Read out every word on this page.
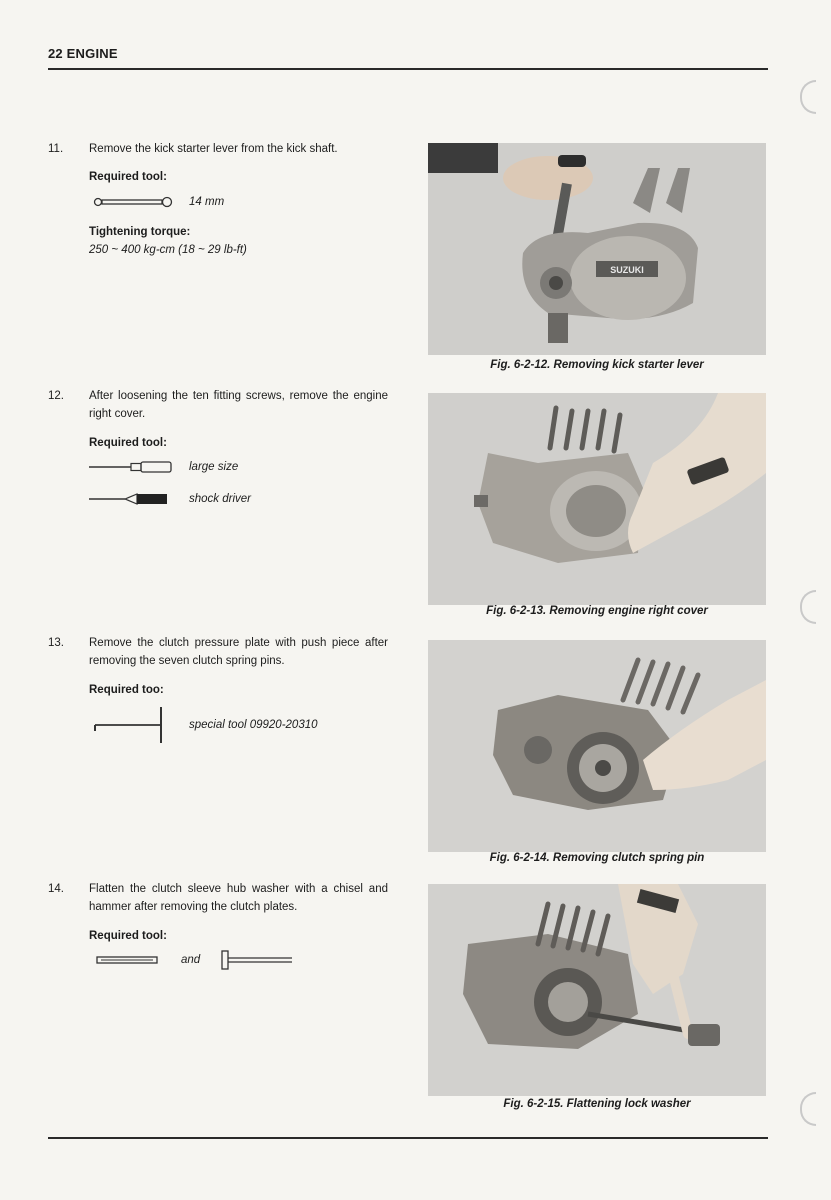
22 ENGINE
11. Remove the kick starter lever from the kick shaft.
Required tool:
14 mm
Tightening torque:
250 ~ 400 kg-cm (18 ~ 29 lb-ft)
SUZUKI
Fig. 6-2-12. Removing kick starter lever
12. After loosening the ten fitting screws, remove the engine right cover.
Required tool:
large size
shock driver
Fig. 6-2-13. Removing engine right cover
13. Remove the clutch pressure plate with push piece after removing the seven clutch spring pins.
Required too:
special tool 09920-20310
Fig. 6-2-14. Removing clutch spring pin
14. Flatten the clutch sleeve hub washer with a chisel and hammer after removing the clutch plates.
Required tool:
and
Fig. 6-2-15. Flattening lock washer
